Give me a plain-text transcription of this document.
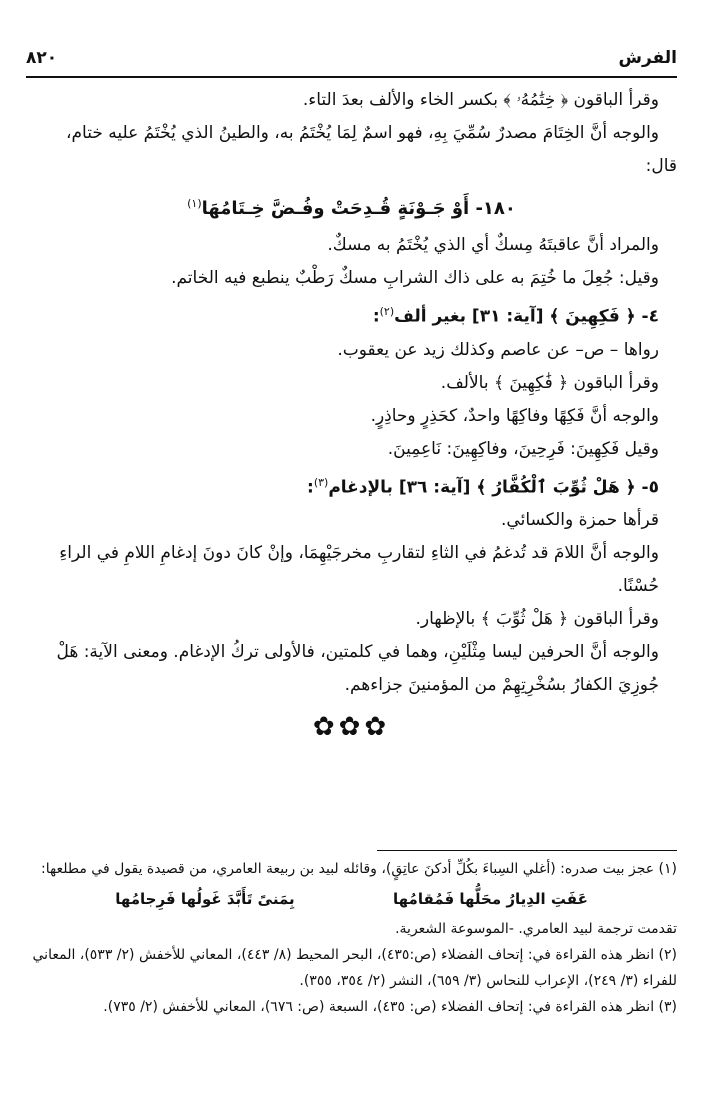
الفرش
٨٢٠

وقرأ الباقون ﴿ خِتَٰمُهُۥ ﴾ بكسر الخاء والألف بعدَ التاء.

والوجه أنَّ الخِتَامَ مصدرٌ سُمِّيَ بِهِ، فهو اسمٌ لِمَا يُخْتَمُ به، والطينُ الذي يُخْتَمُ عليه ختام،

قال:

١٨٠- أَوْ جَـوْنَةٍ قُـدِحَتْ وفُـضَّ خِـتَامُهَا$^{(١)}$

والمراد أنَّ عاقبتَهُ مِسكٌ أي الذي يُخْتَمُ به مسكٌ.

وقيل: جُعِلَ ما خُتِمَ به على ذاك الشرابِ مسكٌ رَطْبٌ ينطبع فيه الخاتم.

٤- ﴿ فَكِهِينَ ﴾ [آية: ٣١] بغير ألف$^{(٢)}$:

رواها – ص– عن عاصم وكذلك زيد عن يعقوب.

وقرأ الباقون ﴿ فَٰكِهِينَ ﴾ بالألف.

والوجه أنَّ فَكِهًا وفاكِهًا واحدٌ، كحَذِرٍ وحاذِرٍ.

وقيل فَكِهِينَ: فَرِحِينَ، وفاكِهِينَ: نَاعِمِينَ.

٥- ﴿ هَلْ ثُوِّبَ ٱلْكُفَّارُ ﴾ [آية: ٣٦] بالإدغام$^{(٣)}$:

قرأها حمزة والكسائي.

والوجه أنَّ اللامَ قد تُدغمُ في الثاءِ لتقاربِ مخرجَيْهِمَا، وإنْ كانَ دونَ إدغامِ اللامِ في الراءِ حُسْنًا.

وقرأ الباقون ﴿ هَلْ ثُوِّبَ ﴾ بالإظهار.

والوجه أنَّ الحرفين ليسا مِثْلَيْنِ، وهما في كلمتين، فالأولى تركُ الإدغام. ومعنى الآية: هَلْ جُوزِيَ الكفارُ بسُخْرِتِهِمْ من المؤمنينَ جزاءهم.

✿✿✿

(١) عجز بيت صدره: (أغلي السِباءَ بكُلِّ أدكنَ عاتِقٍ)، وقائله لبيد بن ربيعة العامري، من قصيدة يقول في مطلعها:

عَفَتِ الدِيارُ محَلُّها فَمُقامُها
بِمَنىً تَأَبَّدَ غَولُها فَرِجامُها

تقدمت ترجمة لبيد العامري. -الموسوعة الشعرية.

(٢) انظر هذه القراءة في: إتحاف الفضلاء (ص:٤٣٥)، البحر المحيط (٨/ ٤٤٣)، المعاني للأخفش (٢/ ٥٣٣)، المعاني للفراء (٣/ ٢٤٩)، الإعراب للنحاس (٣/ ٦٥٩)، النشر (٢/ ٣٥٤، ٣٥٥).

(٣) انظر هذه القراءة في: إتحاف الفضلاء (ص: ٤٣٥)، السبعة (ص: ٦٧٦)، المعاني للأخفش (٢/ ٧٣٥).
